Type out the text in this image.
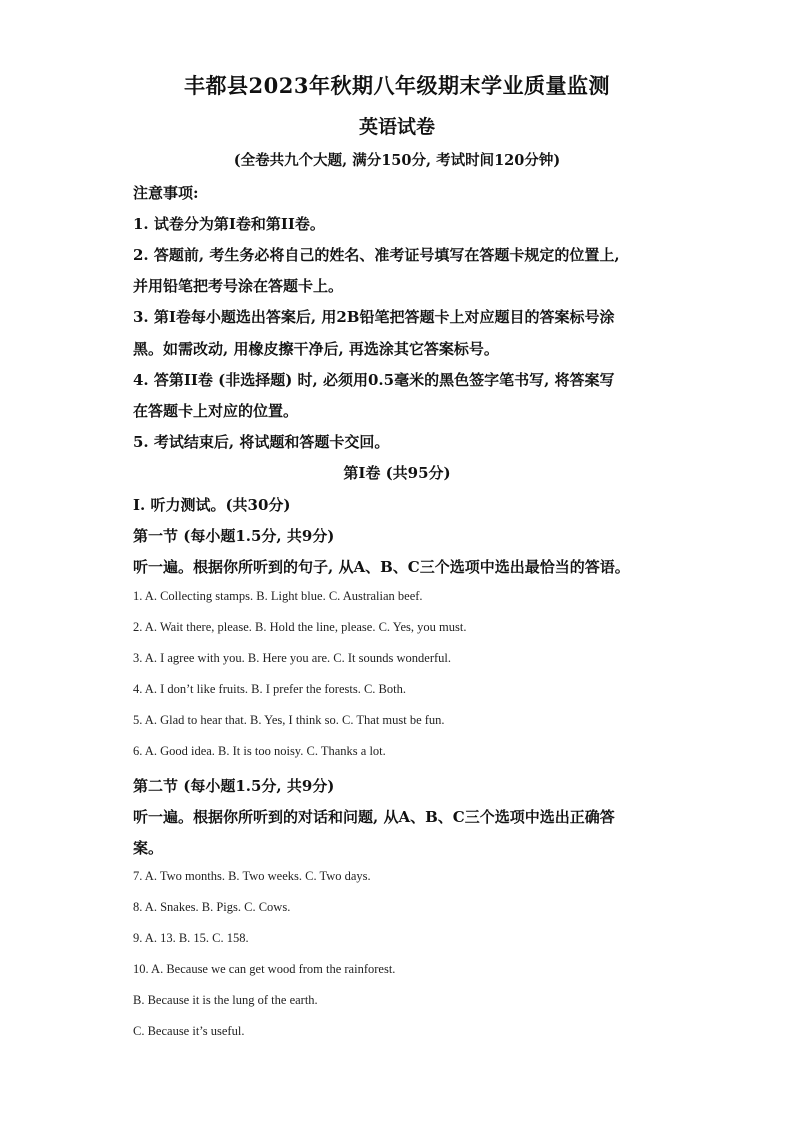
丰都县2023年秋期八年级期末学业质量监测
英语试卷
(全卷共九个大题, 满分150分, 考试时间120分钟)
注意事项:
1. 试卷分为第I卷和第II卷。
2. 答题前, 考生务必将自己的姓名、准考证号填写在答题卡规定的位置上,
并用铅笔把考号涂在答题卡上。
3. 第I卷每小题选出答案后, 用2B铅笔把答题卡上对应题目的答案标号涂
黑。如需改动, 用橡皮擦干净后, 再选涂其它答案标号。
4. 答第II卷 (非选择题) 时, 必须用0.5毫米的黑色签字笔书写, 将答案写
在答题卡上对应的位置。
5. 考试结束后, 将试题和答题卡交回。
第I卷 (共95分)
I. 听力测试。(共30分)
第一节 (每小题1.5分, 共9分)
听一遍。根据你所听到的句子, 从A、B、C三个选项中选出最恰当的答语。
1. A. Collecting stamps. B. Light blue. C. Australian beef.
2. A. Wait there, please. B. Hold the line, please. C. Yes, you must.
3. A. I agree with you. B. Here you are. C. It sounds wonderful.
4. A. I don’t like fruits. B. I prefer the forests. C. Both.
5. A. Glad to hear that. B. Yes, I think so. C. That must be fun.
6. A. Good idea. B. It is too noisy. C. Thanks a lot.
第二节 (每小题1.5分, 共9分)
听一遍。根据你所听到的对话和问题, 从A、B、C三个选项中选出正确答
案。
7. A. Two months. B. Two weeks. C. Two days.
8. A. Snakes. B. Pigs. C. Cows.
9. A. 13. B. 15. C. 158.
10. A. Because we can get wood from the rainforest.
B. Because it is the lung of the earth.
C. Because it’s useful.
